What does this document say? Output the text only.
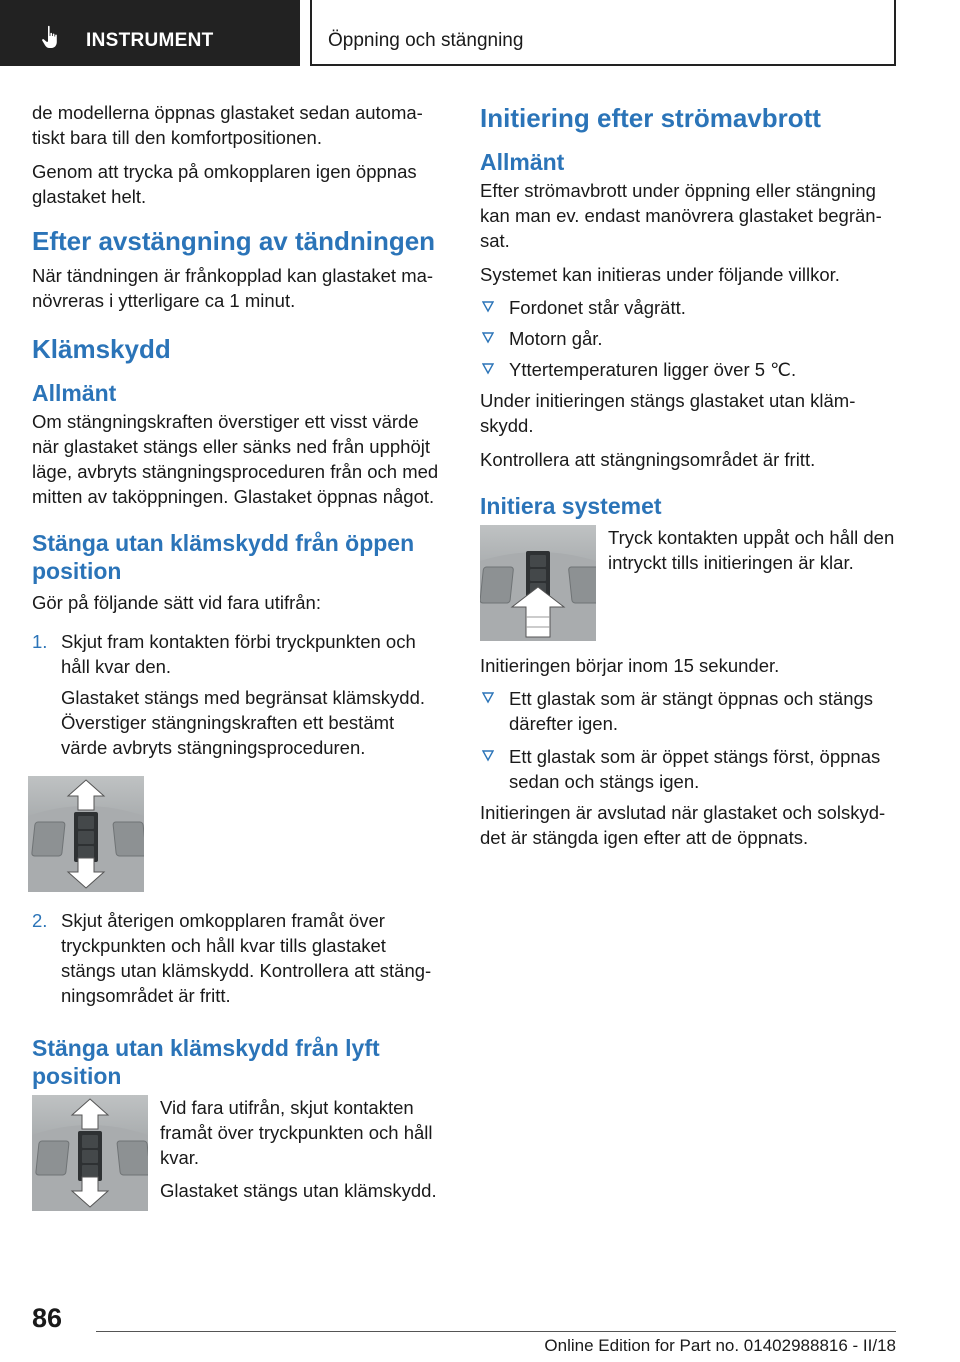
INSTRUMENT	Öppning och stängning

de modellerna öppnas glastaket sedan automatiskt bara till den komfortpositionen.

Genom att trycka på omkopplaren igen öppnas glastaket helt.

Efter avstängning av tändningen

När tändningen är frånkopplad kan glastaket manövreras i ytterligare ca 1 minut.

Klämskydd
Allmänt

Om stängningskraften överstiger ett visst värde när glastaket stängs eller sänks ned från upphöjt läge, avbryts stängningsproceduren från och med mitten av taköppningen. Glastaket öppnas något.

Stänga utan klämskydd från öppen position

Gör på följande sätt vid fara utifrån:

1. Skjut fram kontakten förbi tryckpunkten och håll kvar den.

Glastaket stängs med begränsat klämskydd. Överstiger stängningskraften ett bestämt värde avbryts stängningsproceduren.

2. Skjut återigen omkopplaren framåt över tryckpunkten och håll kvar tills glastaket stängs utan klämskydd. Kontrollera att stängningsområdet är fritt.

Stänga utan klämskydd från lyft position

Vid fara utifrån, skjut kontakten framåt över tryckpunkten och håll kvar.

Glastaket stängs utan klämskydd.

Initiering efter strömavbrott
Allmänt

Efter strömavbrott under öppning eller stängning kan man ev. endast manövrera glastaket begränsat.

Systemet kan initieras under följande villkor.

Fordonet står vågrätt.

Motorn går.

Yttertemperaturen ligger över 5 ℃.

Under initieringen stängs glastaket utan klämskydd.

Kontrollera att stängningsområdet är fritt.

Initiera systemet

Tryck kontakten uppåt och håll den intryckt tills initieringen är klar.

Initieringen börjar inom 15 sekunder.

Ett glastak som är stängt öppnas och stängs därefter igen.

Ett glastak som är öppet stängs först, öppnas sedan och stängs igen.

Initieringen är avslutad när glastaket och solskyddet är stängda igen efter att de öppnats.

86
Online Edition for Part no. 01402988816 - II/18
